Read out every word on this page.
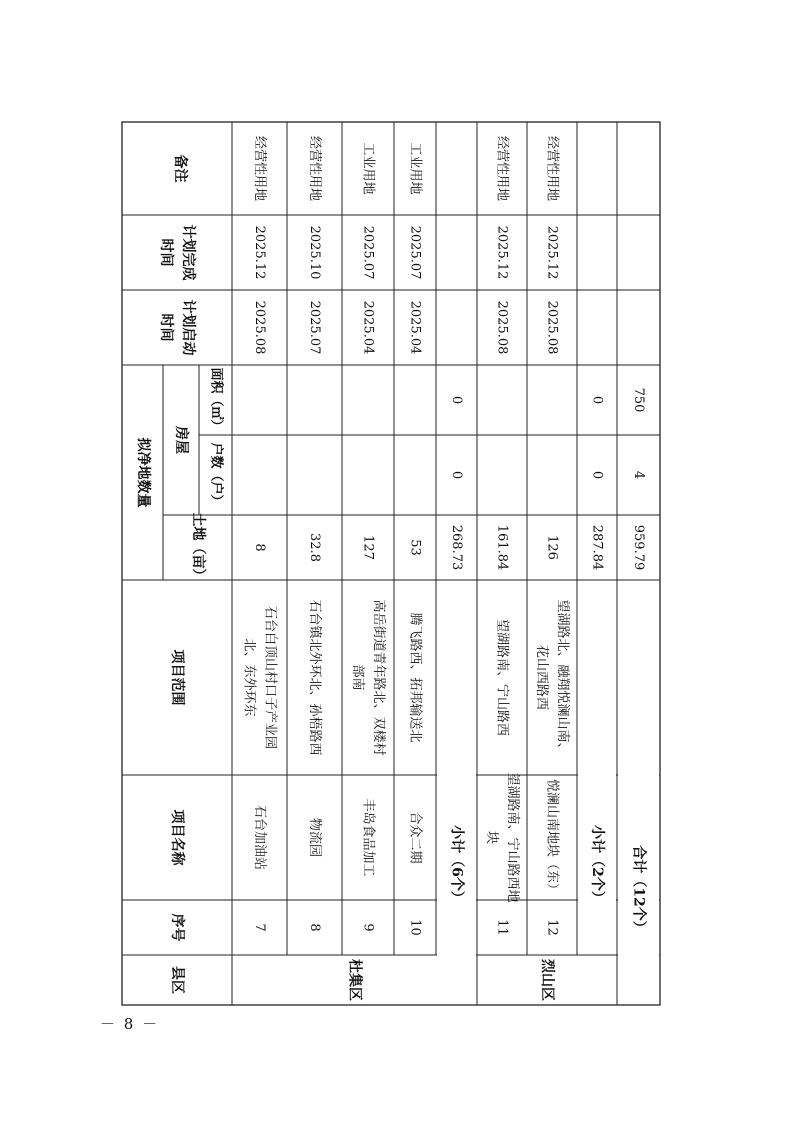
备注
计划完成
时间
计划启动
时间
拟净地数量 房屋
面积（㎡）
户数（户）
土地（亩）
项目范围
项目名称
序号
县区
经营性用地
2025.12
2025.08
8
石台白顶山村口子产业园
北、东外环东
石台加油站
7
经营性用地
2025.10
2025.07
32.8
石台镇北外环北、孙梧路西
物流园
8
工业用地
2025.07
2025.04
127
高岳街道青年路北、双楼村
部南
丰岛食品加工
9
工业用地
2025.07
2025.04
53
腾飞路西、拓邦输送北
合众二期
10
经营性用地
2025.12
2025.08
161.84
望湖路南、宁山路西
望湖路南、宁山路西地
块
11
经营性用地
2025.12
2025.08
126
望湖路北、融翔悦澜山南、
花山西路西
悦澜山南地块（东）
12
0
0
268.73
小计（6个）
0
0
287.84
小计（2个）
750
4
959.79
合计（12个）
杜集区	烈山区
－ 8 －
